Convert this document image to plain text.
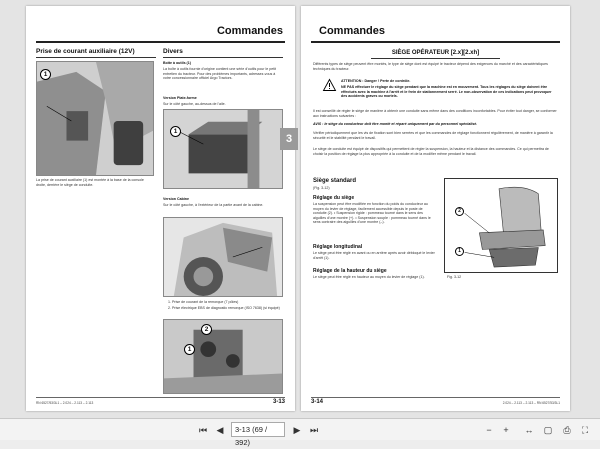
Commandes
Prise de courant auxiliaire (12V)
1
La prise de courant auxiliaire (1) est montée à la base de la console droite, derrière le siège de conduite.
Divers
Boîte à outils (1)
La boîte à outils fournie d'origine contient une série d'outils pour le petit entretien du tracteur. Pour des problèmes importants, adressez-vous à votre concessionnaire officiel Argo Tractors.
Version Plate-forme
Sur le côté gauche, au-dessus de l'aile.
1
Version Cabine
Sur le côté gauche, à l'extérieur de la partie avant de la cabine.
1. Prise de courant de la remorque (7 pôles)
2. Prise électrique EBS de diagnostic remorque (ISO 7638) (si équipé)
2
1
RN 6527/53/3L1 – 2.024 – 2.113 – 2.113	3-13
3
Commandes
SIÈGE OPÉRATEUR [2.x][2.xh]
Différents types de siège peuvent être montés, le type de siège dont est équipé le tracteur dépend des exigences du marché et des caractéristiques techniques du tracteur.
ATTENTION : Danger ! Perte de contrôle.
NE PAS effectuer le réglage du siège pendant que la machine est en mouvement. Tous les réglages du siège doivent être effectués avec la machine à l'arrêt et le frein de stationnement serré. Le non-observation de ces indications peut provoquer des accidents graves ou mortels.
Il est conseillé de régler le siège de manière à obtenir une conduite sans même dans des conditions inconfortables. Pour éviter tout danger, se conformer aux instructions suivantes :
AVIS : le siège du conducteur doit être monté et réparé uniquement par du personnel spécialisé.
Vérifier périodiquement que les vis de fixation sont bien serrées et que les commandes de réglage fonctionnent régulièrement, de manière à garantir la sécurité et le stabilité pendant le travail.
Le siège de conduite est équipé de dispositifs qui permettent de régler la suspension, la hauteur et la distance des commandes. Ce qui permettra de choisir la position de réglage la plus appropriée à la conduite et de la modifier même pendant le travail.
Siège standard
(Fig. 3-12)
Réglage du siège
La suspension peut être modifiée en fonction du poids du conducteur au moyen du levier de réglage, facilement accessible depuis le poste de conduite (2). • Suspension rigide : pommeau tourné dans le sens des aiguilles d'une montre (+). • Suspension souple : pommeau tourné dans le sens contraire des aiguilles d'une montre (–).
Réglage longitudinal
Le siège peut être réglé en avant ou en arrière après avoir débloqué le levier d'arrêt (1).
Réglage de la hauteur du siège
Le siège peut être réglé en hauteur au moyen du levier de réglage (1).
2
1
Fig. 3-12
3-14	2.024 – 2.113 – 2.113 – RN 6527/53/3L1
⏮	◀	3-13 (69 / 392)
▶	⏭	−	+	↔	▢	⎙	⛶
